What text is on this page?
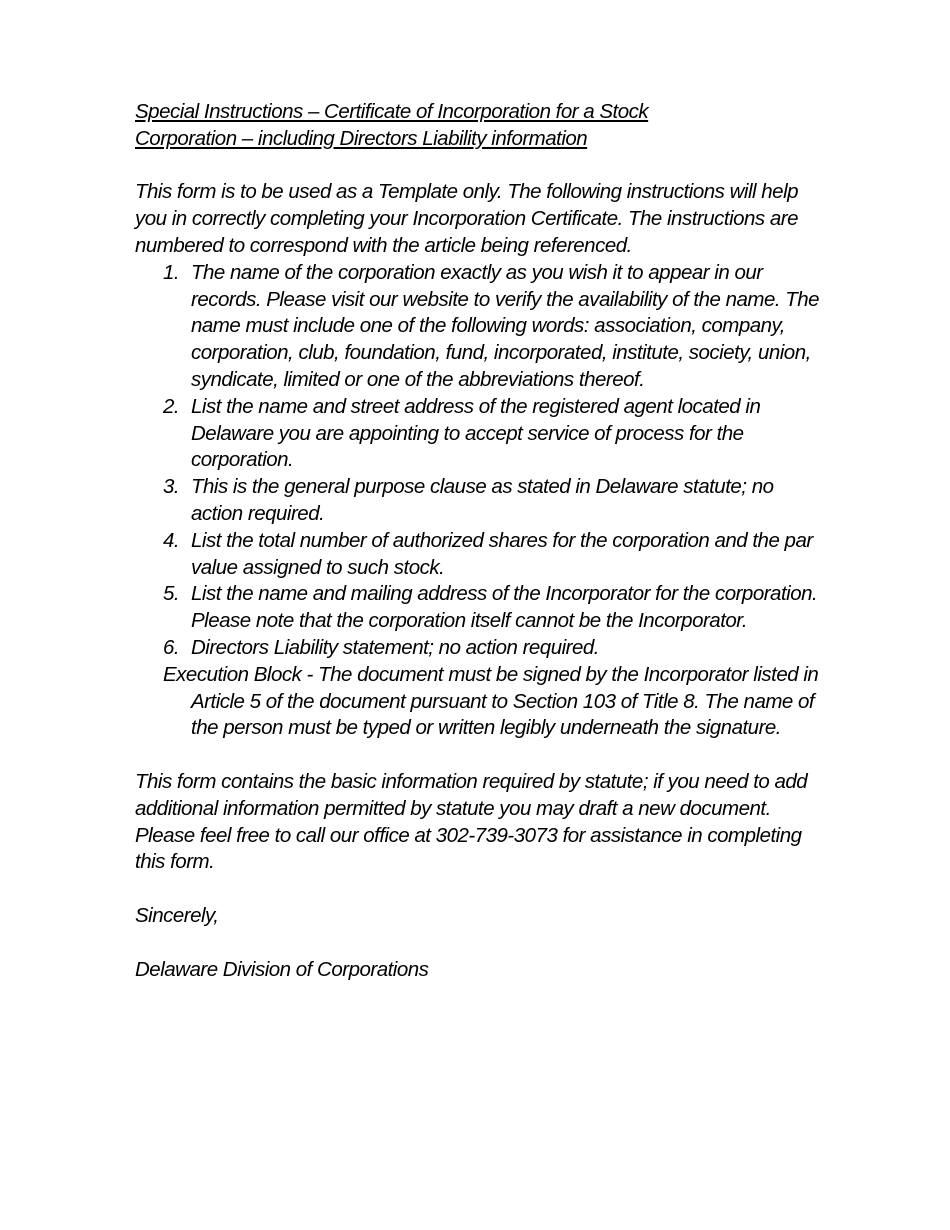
Special Instructions – Certificate of Incorporation for a Stock
Corporation – including Directors Liability information

This form is to be used as a Template only. The following instructions will help you in correctly completing your Incorporation Certificate. The instructions are numbered to correspond with the article being referenced.

1. The name of the corporation exactly as you wish it to appear in our records. Please visit our website to verify the availability of the name. The name must include one of the following words: association, company, corporation, club, foundation, fund, incorporated, institute, society, union, syndicate, limited or one of the abbreviations thereof.
2. List the name and street address of the registered agent located in Delaware you are appointing to accept service of process for the corporation.
3. This is the general purpose clause as stated in Delaware statute; no action required.
4. List the total number of authorized shares for the corporation and the par value assigned to such stock.
5. List the name and mailing address of the Incorporator for the corporation. Please note that the corporation itself cannot be the Incorporator.
6. Directors Liability statement; no action required.
Execution Block - The document must be signed by the Incorporator listed in Article 5 of the document pursuant to Section 103 of Title 8. The name of the person must be typed or written legibly underneath the signature.

This form contains the basic information required by statute; if you need to add additional information permitted by statute you may draft a new document. Please feel free to call our office at 302-739-3073 for assistance in completing this form.

Sincerely,

Delaware Division of Corporations
